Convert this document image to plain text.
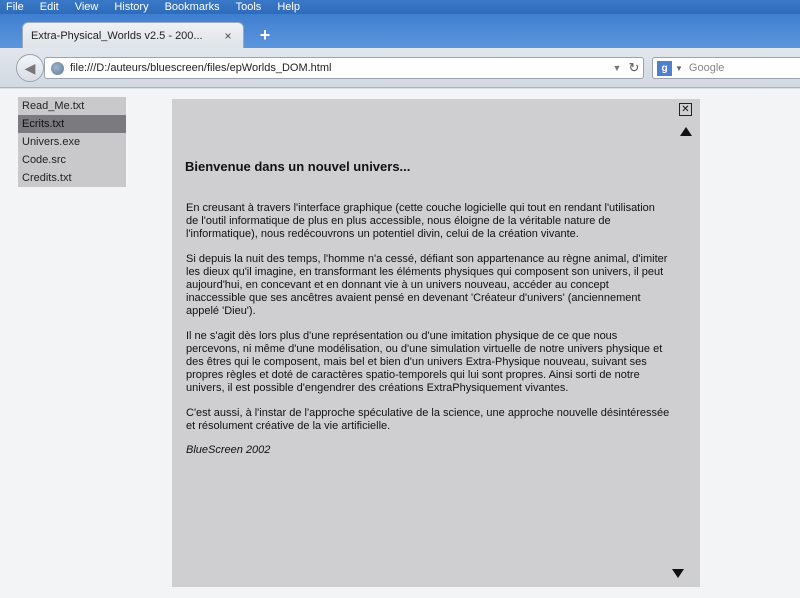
File Edit View History Bookmarks Tools Help
Extra-Physical_Worlds v2.5 - 200...	× +
◀	file:///D:/auteurs/bluescreen/files/epWorlds_DOM.html	▼ ↻	g ▼ Google
Read_Me.txt
Ecrits.txt
Univers.exe
Code.src
Credits.txt
✕
Bienvenue dans un nouvel univers...

En creusant à travers l'interface graphique (cette couche logicielle qui tout en rendant l'utilisation de l'outil informatique de plus en plus accessible, nous éloigne de la véritable nature de l'informatique), nous redécouvrons un potentiel divin, celui de la création vivante.

Si depuis la nuit des temps, l'homme n'a cessé, défiant son appartenance au règne animal, d'imiter les dieux qu'il imagine, en transformant les éléments physiques qui composent son univers, il peut aujourd'hui, en concevant et en donnant vie à un univers nouveau, accéder au concept inaccessible que ses ancêtres avaient pensé en devenant 'Créateur d'univers' (anciennement appelé 'Dieu').

Il ne s'agit dès lors plus d'une représentation ou d'une imitation physique de ce que nous percevons, ni même d'une modélisation, ou d'une simulation virtuelle de notre univers physique et des êtres qui le composent, mais bel et bien d'un univers Extra-Physique nouveau, suivant ses propres règles et doté de caractères spatio-temporels qui lui sont propres. Ainsi sorti de notre univers, il est possible d'engendrer des créations ExtraPhysiquement vivantes.

C'est aussi, à l'instar de l'approche spéculative de la science, une approche nouvelle désintéressée et résolument créative de la vie artificielle.

BlueScreen 2002
